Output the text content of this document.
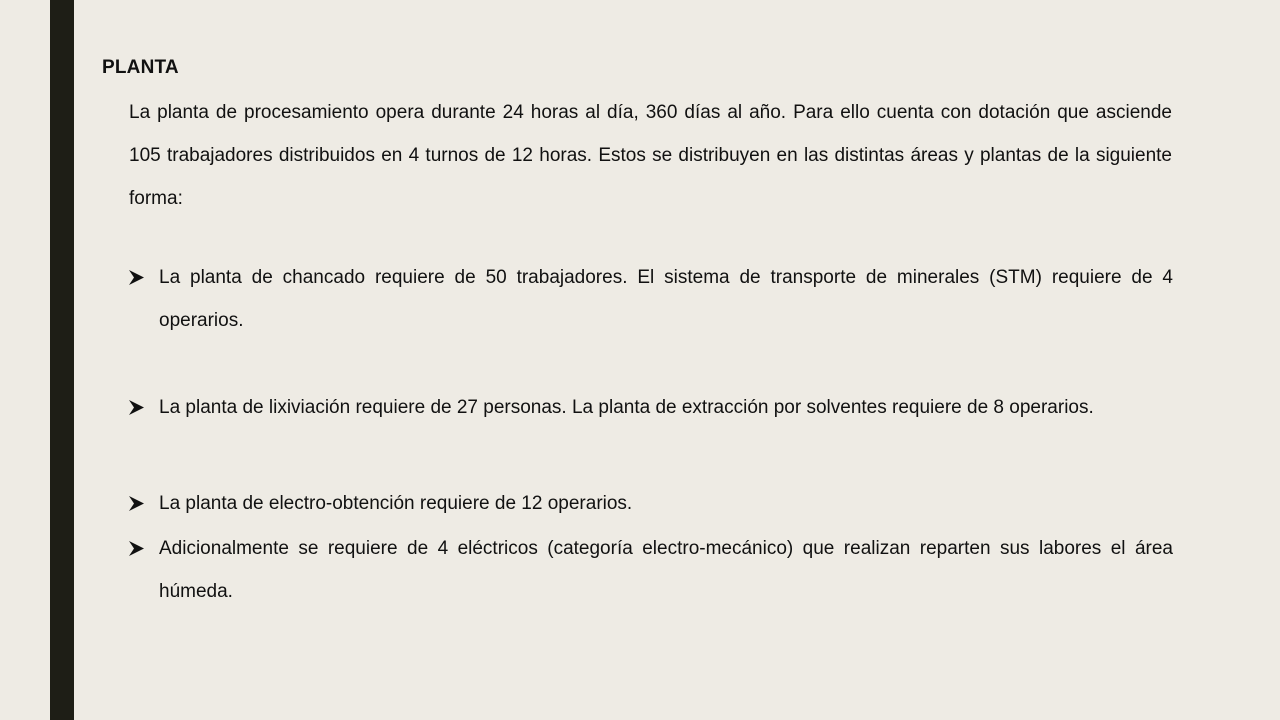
PLANTA

La planta de procesamiento opera durante 24 horas al día, 360 días al año. Para ello cuenta con dotación que asciende 105 trabajadores distribuidos en 4 turnos de 12 horas. Estos se distribuyen en las distintas áreas y plantas de la siguiente forma:

La planta de chancado requiere de 50 trabajadores. El sistema de transporte de minerales (STM) requiere de 4 operarios.

La planta de lixiviación requiere de 27 personas. La planta de extracción por solventes requiere de 8 operarios.

La planta de electro-obtención requiere de 12 operarios.

Adicionalmente se requiere de 4 eléctricos (categoría electro-mecánico) que realizan reparten sus labores el área húmeda.
